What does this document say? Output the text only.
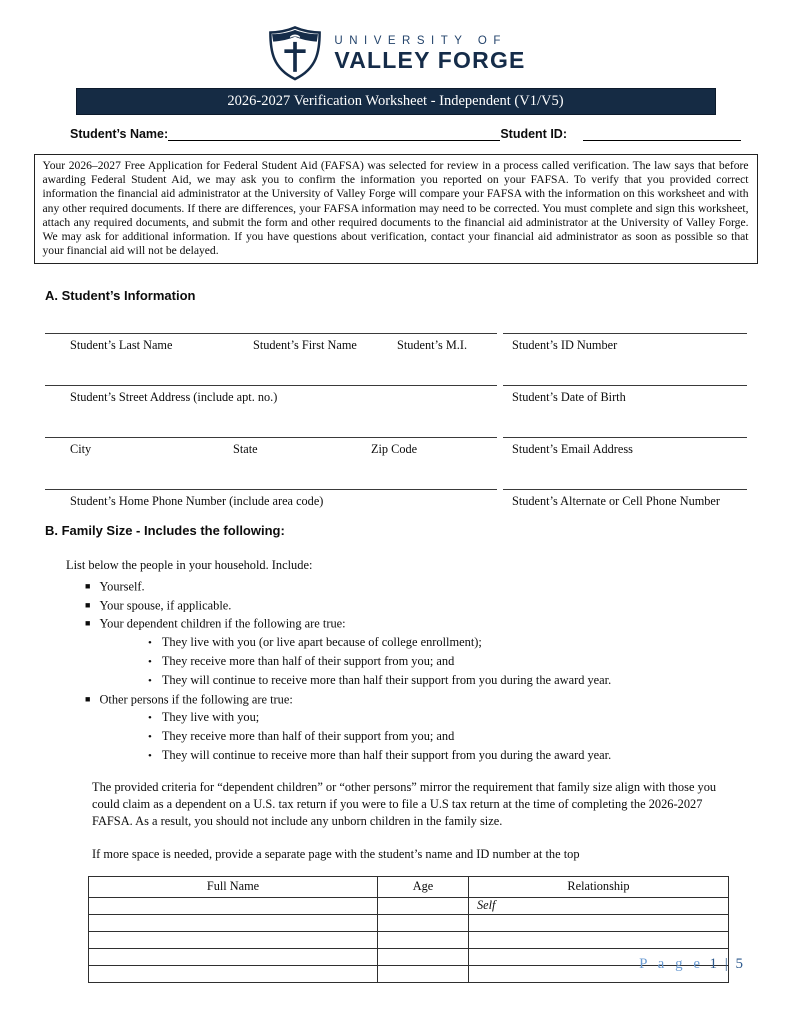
UNIVERSITY OF
VALLEY FORGE
2026-2027 Verification Worksheet - Independent (V1/V5)
Student’s Name:	Student ID:
Your 2026–2027 Free Application for Federal Student Aid (FAFSA) was selected for review in a process called verification. The law says that before awarding Federal Student Aid, we may ask you to confirm the information you reported on your FAFSA. To verify that you provided correct information the financial aid administrator at the University of Valley Forge will compare your FAFSA with the information on this worksheet and with any other required documents. If there are differences, your FAFSA information may need to be corrected. You must complete and sign this worksheet, attach any required documents, and submit the form and other required documents to the financial aid administrator at the University of Valley Forge. We may ask for additional information. If you have questions about verification, contact your financial aid administrator as soon as possible so that your financial aid will not be delayed.
A. Student’s Information
Student’s Last Name	Student’s First Name	Student’s M.I.	Student’s ID Number
Student’s Street Address (include apt. no.)	Student’s Date of Birth
City	State	Zip Code	Student’s Email Address
Student’s Home Phone Number (include area code)	Student’s Alternate or Cell Phone Number
B. Family Size - Includes the following:
List below the people in your household. Include:
■ Yourself.
■ Your spouse, if applicable.
■ Your dependent children if the following are true:
• They live with you (or live apart because of college enrollment);
• They receive more than half of their support from you; and
• They will continue to receive more than half their support from you during the award year.
■ Other persons if the following are true:
• They live with you;
• They receive more than half of their support from you; and
• They will continue to receive more than half their support from you during the award year.
The provided criteria for “dependent children” or “other persons” mirror the requirement that family size align with those you could claim as a dependent on a U.S. tax return if you were to file a U.S tax return at the time of completing the 2026-2027 FAFSA. As a result, you should not include any unborn children in the family size.
If more space is needed, provide a separate page with the student’s name and ID number at the top
Full Name	Age	Relationship
		Self

P a g e 1 | 5
